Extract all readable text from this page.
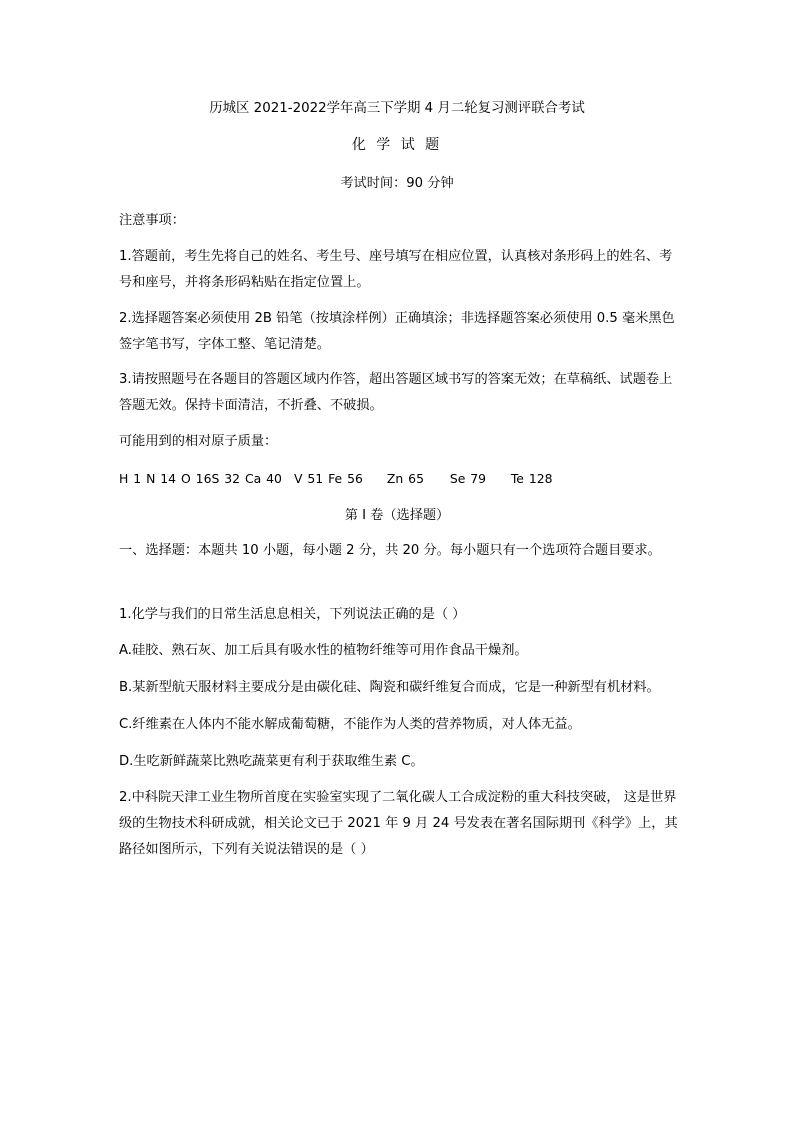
历城区 2021-2022学年高三下学期 4 月二轮复习测评联合考试
化 学 试 题
考试时间：90 分钟
注意事项：
1.答题前，考生先将自己的姓名、考生号、座号填写在相应位置，认真核对条形码上的姓名、考号和座号，并将条形码粘贴在指定位置上。
2.选择题答案必须使用 2B 铅笔（按填涂样例）正确填涂；非选择题答案必须使用 0.5 毫米黑色签字笔书写，字体工整、笔记清楚。
3.请按照题号在各题目的答题区域内作答，超出答题区域书写的答案无效；在草稿纸、试题卷上答题无效。保持卡面清洁，不折叠、不破损。
可能用到的相对原子质量：
H 1 N 14 O 16S 32 Ca 40 V 51 Fe 56 Zn 65 Se 79 Te 128
第 Ⅰ 卷（选择题）
一、选择题：本题共 10 小题，每小题 2 分，共 20 分。每小题只有一个选项符合题目要求。
1.化学与我们的日常生活息息相关，下列说法正确的是（ ）
A.硅胶、熟石灰、加工后具有吸水性的植物纤维等可用作食品干燥剂。
B.某新型航天服材料主要成分是由碳化硅、陶瓷和碳纤维复合而成，它是一种新型有机材料。
C.纤维素在人体内不能水解成葡萄糖，不能作为人类的营养物质，对人体无益。
D.生吃新鲜蔬菜比熟吃蔬菜更有利于获取维生素 C。
2.中科院天津工业生物所首度在实验室实现了二氧化碳人工合成淀粉的重大科技突破， 这是世界级的生物技术科研成就，相关论文已于 2021 年 9 月 24 号发表在著名国际期刊《科学》上，其路径如图所示，下列有关说法错误的是（ ）
